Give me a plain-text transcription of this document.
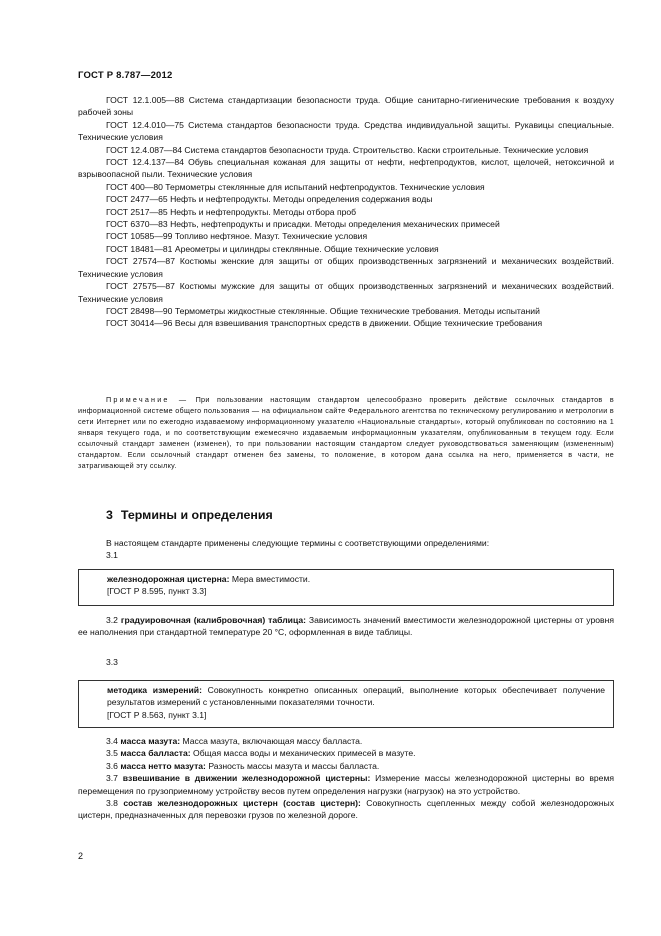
ГОСТ Р 8.787—2012

ГОСТ 12.1.005—88 Система стандартизации безопасности труда. Общие санитарно-гигиенические требования к воздуху рабочей зоны

ГОСТ 12.4.010—75 Система стандартов безопасности труда. Средства индивидуальной защиты. Рукавицы специальные. Технические условия

ГОСТ 12.4.087—84 Система стандартов безопасности труда. Строительство. Каски строительные. Технические условия

ГОСТ 12.4.137—84 Обувь специальная кожаная для защиты от нефти, нефтепродуктов, кислот, щелочей, нетоксичной и взрывоопасной пыли. Технические условия

ГОСТ 400—80 Термометры стеклянные для испытаний нефтепродуктов. Технические условия

ГОСТ 2477—65 Нефть и нефтепродукты. Методы определения содержания воды

ГОСТ 2517—85 Нефть и нефтепродукты. Методы отбора проб

ГОСТ 6370—83 Нефть, нефтепродукты и присадки. Методы определения механических примесей

ГОСТ 10585—99 Топливо нефтяное. Мазут. Технические условия

ГОСТ 18481—81 Ареометры и цилиндры стеклянные. Общие технические условия

ГОСТ 27574—87 Костюмы женские для защиты от общих производственных загрязнений и механических воздействий. Технические условия

ГОСТ 27575—87 Костюмы мужские для защиты от общих производственных загрязнений и механических воздействий. Технические условия

ГОСТ 28498—90 Термометры жидкостные стеклянные. Общие технические требования. Методы испытаний

ГОСТ 30414—96 Весы для взвешивания транспортных средств в движении. Общие технические требования

Примечание — При пользовании настоящим стандартом целесообразно проверить действие ссылочных стандартов в информационной системе общего пользования — на официальном сайте Федерального агентства по техническому регулированию и метрологии в сети Интернет или по ежегодно издаваемому информационному указателю «Национальные стандарты», который опубликован по состоянию на 1 января текущего года, и по соответствующим ежемесячно издаваемым информационным указателям, опубликованным в текущем году. Если ссылочный стандарт заменен (изменен), то при пользовании настоящим стандартом следует руководствоваться заменяющим (измененным) стандартом. Если ссылочный стандарт отменен без замены, то положение, в котором дана ссылка на него, применяется в части, не затрагивающей эту ссылку.

3 Термины и определения

В настоящем стандарте применены следующие термины с соответствующими определениями:

3.1

железнодорожная цистерна: Мера вместимости.

[ГОСТ Р 8.595, пункт 3.3]

3.2 градуировочная (калибровочная) таблица: Зависимость значений вместимости железнодорожной цистерны от уровня ее наполнения при стандартной температуре 20 °С, оформленная в виде таблицы.

3.3

методика измерений: Совокупность конкретно описанных операций, выполнение которых обеспечивает получение результатов измерений с установленными показателями точности.

[ГОСТ Р 8.563, пункт 3.1]

3.4 масса мазута: Масса мазута, включающая массу балласта.

3.5 масса балласта: Общая масса воды и механических примесей в мазуте.

3.6 масса нетто мазута: Разность массы мазута и массы балласта.

3.7 взвешивание в движении железнодорожной цистерны: Измерение массы железнодорожной цистерны во время перемещения по грузоприемному устройству весов путем определения нагрузки (нагрузок) на это устройство.

3.8 состав железнодорожных цистерн (состав цистерн): Совокупность сцепленных между собой железнодорожных цистерн, предназначенных для перевозки грузов по железной дороге.

2
